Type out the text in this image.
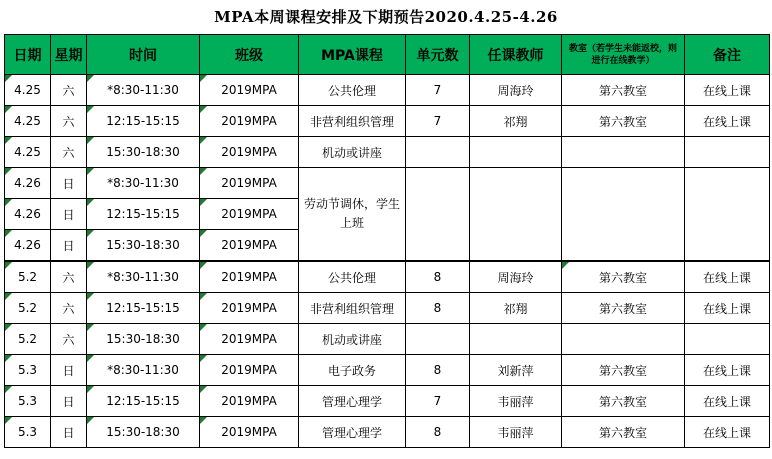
MPA本周课程安排及下期预告2020.4.25-4.26
日期	星期	时间	班级	MPA课程	单元数	任课教师	教室（若学生未能返校，则进行在线教学）	备注
4.25	六	*8:30-11:30	2019MPA	公共伦理	7	周海玲	第六教室	在线上课
4.25	六	12:15-15:15	2019MPA	非营利组织管理	7	祁翔	第六教室	在线上课
4.25	六	15:30-18:30	2019MPA	机动或讲座				
4.26	日	*8:30-11:30	2019MPA	劳动节调休，学生上班				
4.26	日	12:15-15:15	2019MPA					
4.26	日	15:30-18:30	2019MPA					
5.2	六	*8:30-11:30	2019MPA	公共伦理	8	周海玲	第六教室	在线上课
5.2	六	12:15-15:15	2019MPA	非营利组织管理	8	祁翔	第六教室	在线上课
5.2	六	15:30-18:30	2019MPA	机动或讲座				
5.3	日	*8:30-11:30	2019MPA	电子政务	8	刘新萍	第六教室	在线上课
5.3	日	12:15-15:15	2019MPA	管理心理学	7	韦丽萍	第六教室	在线上课
5.3	日	15:30-18:30	2019MPA	管理心理学	8	韦丽萍	第六教室	在线上课
